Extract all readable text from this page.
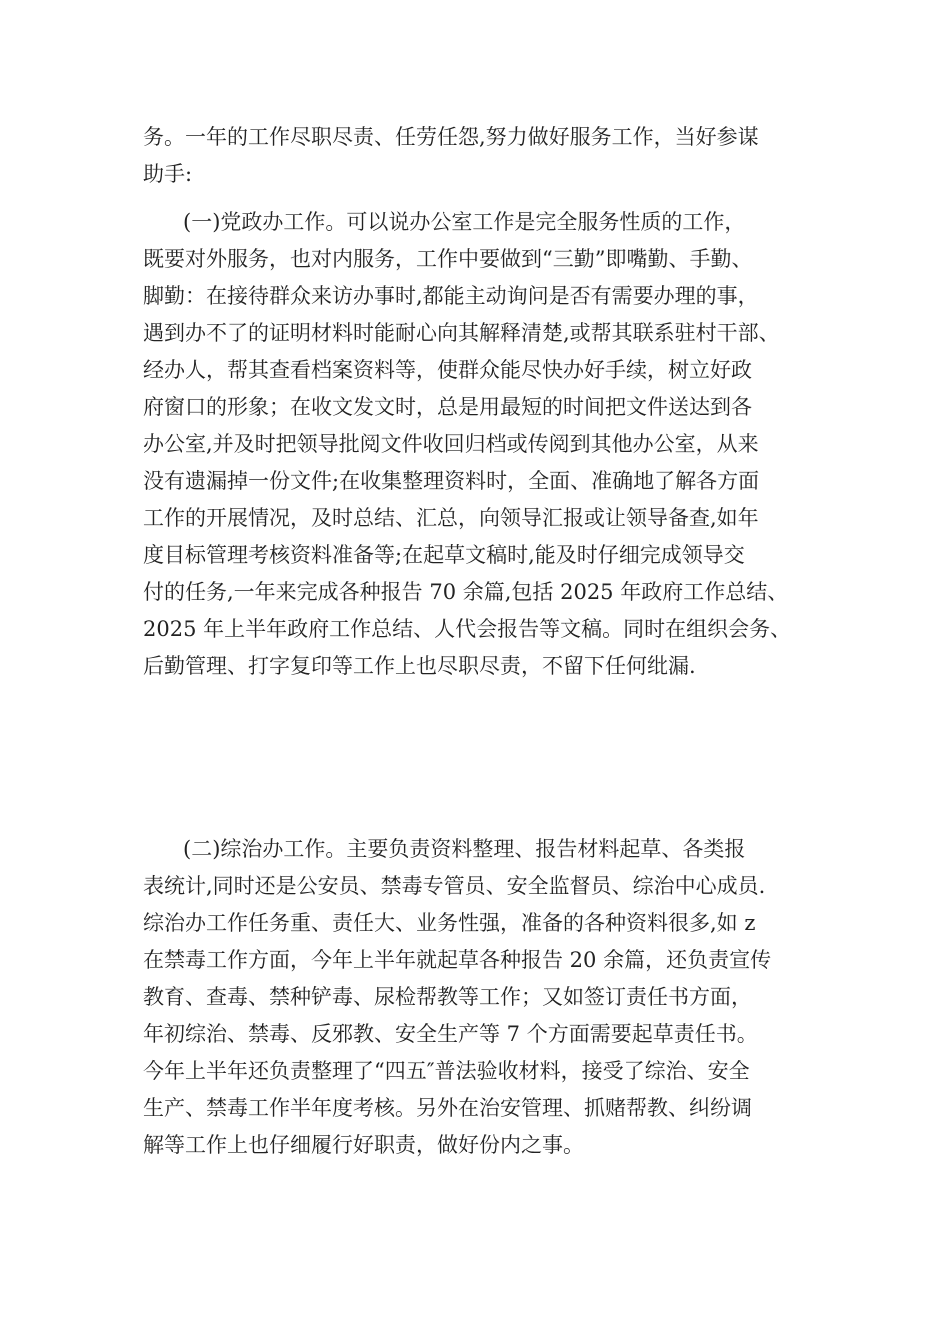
务。一年的工作尽职尽责、任劳任怨,努力做好服务工作，当好参谋
助手:
(一)党政办工作。可以说办公室工作是完全服务性质的工作，
既要对外服务，也对内服务，工作中要做到“三勤”即嘴勤、手勤、
脚勤：在接待群众来访办事时,都能主动询问是否有需要办理的事，
遇到办不了的证明材料时能耐心向其解释清楚,或帮其联系驻村干部、
经办人，帮其查看档案资料等，使群众能尽快办好手续，树立好政
府窗口的形象；在收文发文时，总是用最短的时间把文件送达到各
办公室,并及时把领导批阅文件收回归档或传阅到其他办公室，从来
没有遗漏掉一份文件;在收集整理资料时，全面、准确地了解各方面
工作的开展情况，及时总结、汇总，向领导汇报或让领导备查,如年
度目标管理考核资料准备等;在起草文稿时,能及时仔细完成领导交
付的任务,一年来完成各种报告 70 余篇,包括 2025 年政府工作总结、
2025 年上半年政府工作总结、人代会报告等文稿。同时在组织会务、
后勤管理、打字复印等工作上也尽职尽责，不留下任何纰漏.
(二)综治办工作。主要负责资料整理、报告材料起草、各类报
表统计,同时还是公安员、禁毒专管员、安全监督员、综治中心成员.
综治办工作任务重、责任大、业务性强，准备的各种资料很多,如 z
在禁毒工作方面，今年上半年就起草各种报告 20 余篇，还负责宣传
教育、查毒、禁种铲毒、尿检帮教等工作；又如签订责任书方面，
年初综治、禁毒、反邪教、安全生产等 7 个方面需要起草责任书。
今年上半年还负责整理了“四五″普法验收材料，接受了综治、安全
生产、禁毒工作半年度考核。另外在治安管理、抓赌帮教、纠纷调
解等工作上也仔细履行好职责，做好份内之事。
